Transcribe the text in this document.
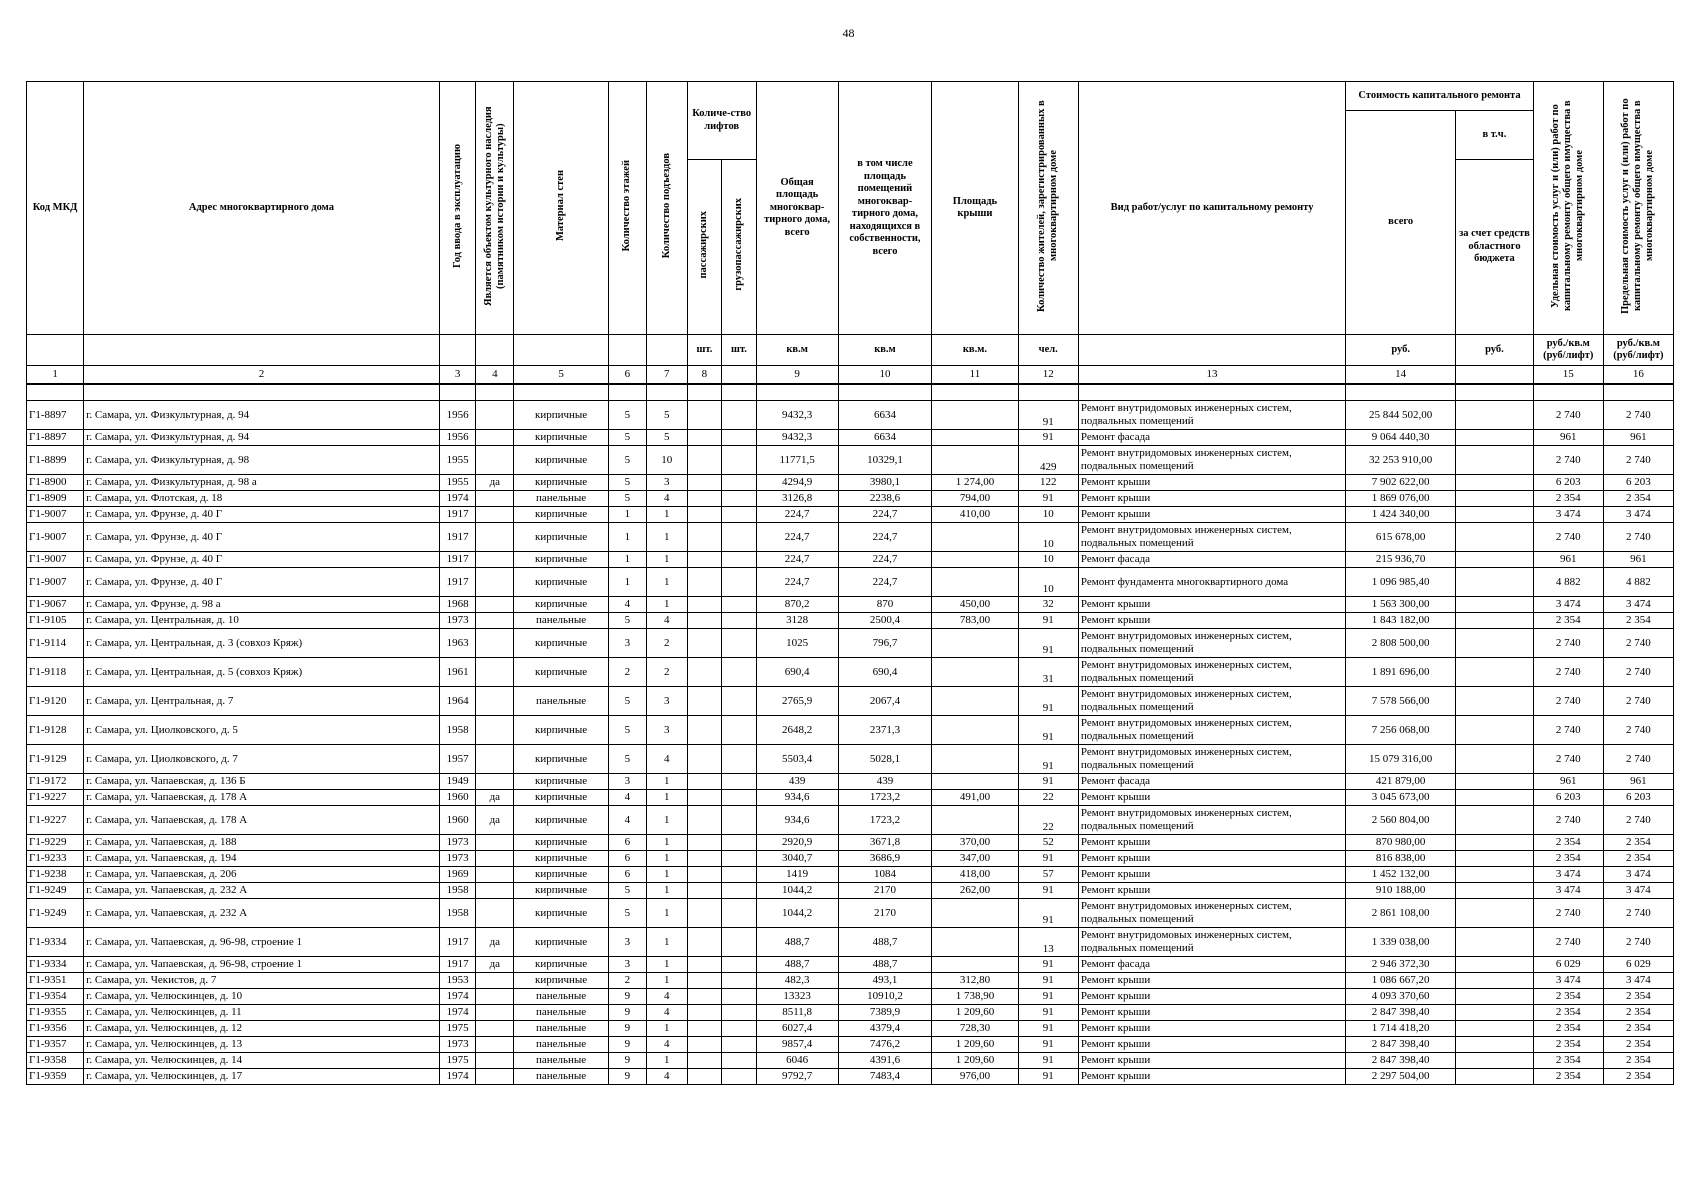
48
Код МКД	Адрес многоквартирного дома	Год ввода в эксплуатацию	Является объектом культурного наследия (памятником истории и культуры)	Материал стен	Количество этажей	Количество подъездов	Количе-ство лифтов		Общая площадь многоквар-тирного дома, всего	в том числе площадь помещений многоквар-тирного дома, находящихся в собственности, всего	Площадь крыши	Количество жителей, зарегистрированных в многоквартирном доме	Вид работ/услуг по капитальному ремонту	Стоимость капитального ремонта		Удельная стоимость услуг и (или) работ по капитальному ремонту общего имущества в многоквартирном доме	Предельная стоимость услуг и (или) работ по капитальному ремонту общего имущества в многоквартирном доме
														всего	в т.ч.		
							пассажирских	грузопассажирских							за счет средств областного бюджета		
							шт.	шт.	кв.м	кв.м	кв.м.	чел.		руб.	руб.	руб./кв.м (руб/лифт)	руб./кв.м (руб/лифт)
1	2	3	4	5	6	7	8		9	10	11	12	13	14		15	16

Г1-8897	г. Самара, ул. Физкультурная, д. 94	1956		кирпичные	5	5			9432,3	6634		91	Ремонт внутридомовых инженерных систем, подвальных помещений	25 844 502,00		2 740	2 740
Г1-8897	г. Самара, ул. Физкультурная, д. 94	1956		кирпичные	5	5			9432,3	6634		91	Ремонт фасада	9 064 440,30		961	961
Г1-8899	г. Самара, ул. Физкультурная, д. 98	1955		кирпичные	5	10			11771,5	10329,1		429	Ремонт внутридомовых инженерных систем, подвальных помещений	32 253 910,00		2 740	2 740
Г1-8900	г. Самара, ул. Физкультурная, д. 98 а	1955	да	кирпичные	5	3			4294,9	3980,1	1 274,00	122	Ремонт крыши	7 902 622,00		6 203	6 203
Г1-8909	г. Самара, ул. Флотская, д. 18	1974		панельные	5	4			3126,8	2238,6	794,00	91	Ремонт крыши	1 869 076,00		2 354	2 354
Г1-9007	г. Самара, ул. Фрунзе, д. 40 Г	1917		кирпичные	1	1			224,7	224,7	410,00	10	Ремонт крыши	1 424 340,00		3 474	3 474
Г1-9007	г. Самара, ул. Фрунзе, д. 40 Г	1917		кирпичные	1	1			224,7	224,7		10	Ремонт внутридомовых инженерных систем, подвальных помещений	615 678,00		2 740	2 740
Г1-9007	г. Самара, ул. Фрунзе, д. 40 Г	1917		кирпичные	1	1			224,7	224,7		10	Ремонт фасада	215 936,70		961	961
Г1-9007	г. Самара, ул. Фрунзе, д. 40 Г	1917		кирпичные	1	1			224,7	224,7		10	Ремонт фундамента многоквартирного дома	1 096 985,40		4 882	4 882
Г1-9067	г. Самара, ул. Фрунзе, д. 98 а	1968		кирпичные	4	1			870,2	870	450,00	32	Ремонт крыши	1 563 300,00		3 474	3 474
Г1-9105	г. Самара, ул. Центральная, д. 10	1973		панельные	5	4			3128	2500,4	783,00	91	Ремонт крыши	1 843 182,00		2 354	2 354
Г1-9114	г. Самара, ул. Центральная, д. 3 (совхоз Кряж)	1963		кирпичные	3	2			1025	796,7		91	Ремонт внутридомовых инженерных систем, подвальных помещений	2 808 500,00		2 740	2 740
Г1-9118	г. Самара, ул. Центральная, д. 5 (совхоз Кряж)	1961		кирпичные	2	2			690,4	690,4		31	Ремонт внутридомовых инженерных систем, подвальных помещений	1 891 696,00		2 740	2 740
Г1-9120	г. Самара, ул. Центральная, д. 7	1964		панельные	5	3			2765,9	2067,4		91	Ремонт внутридомовых инженерных систем, подвальных помещений	7 578 566,00		2 740	2 740
Г1-9128	г. Самара, ул. Циолковского, д. 5	1958		кирпичные	5	3			2648,2	2371,3		91	Ремонт внутридомовых инженерных систем, подвальных помещений	7 256 068,00		2 740	2 740
Г1-9129	г. Самара, ул. Циолковского, д. 7	1957		кирпичные	5	4			5503,4	5028,1		91	Ремонт внутридомовых инженерных систем, подвальных помещений	15 079 316,00		2 740	2 740
Г1-9172	г. Самара, ул. Чапаевская, д. 136 Б	1949		кирпичные	3	1			439	439		91	Ремонт фасада	421 879,00		961	961
Г1-9227	г. Самара, ул. Чапаевская, д. 178 А	1960	да	кирпичные	4	1			934,6	1723,2	491,00	22	Ремонт крыши	3 045 673,00		6 203	6 203
Г1-9227	г. Самара, ул. Чапаевская, д. 178 А	1960	да	кирпичные	4	1			934,6	1723,2		22	Ремонт внутридомовых инженерных систем, подвальных помещений	2 560 804,00		2 740	2 740
Г1-9229	г. Самара, ул. Чапаевская, д. 188	1973		кирпичные	6	1			2920,9	3671,8	370,00	52	Ремонт крыши	870 980,00		2 354	2 354
Г1-9233	г. Самара, ул. Чапаевская, д. 194	1973		кирпичные	6	1			3040,7	3686,9	347,00	91	Ремонт крыши	816 838,00		2 354	2 354
Г1-9238	г. Самара, ул. Чапаевская, д. 206	1969		кирпичные	6	1			1419	1084	418,00	57	Ремонт крыши	1 452 132,00		3 474	3 474
Г1-9249	г. Самара, ул. Чапаевская, д. 232 А	1958		кирпичные	5	1			1044,2	2170	262,00	91	Ремонт крыши	910 188,00		3 474	3 474
Г1-9249	г. Самара, ул. Чапаевская, д. 232 А	1958		кирпичные	5	1			1044,2	2170		91	Ремонт внутридомовых инженерных систем, подвальных помещений	2 861 108,00		2 740	2 740
Г1-9334	г. Самара, ул. Чапаевская, д. 96-98, строение 1	1917	да	кирпичные	3	1			488,7	488,7		13	Ремонт внутридомовых инженерных систем, подвальных помещений	1 339 038,00		2 740	2 740
Г1-9334	г. Самара, ул. Чапаевская, д. 96-98, строение 1	1917	да	кирпичные	3	1			488,7	488,7		91	Ремонт фасада	2 946 372,30		6 029	6 029
Г1-9351	г. Самара, ул. Чекистов, д. 7	1953		кирпичные	2	1			482,3	493,1	312,80	91	Ремонт крыши	1 086 667,20		3 474	3 474
Г1-9354	г. Самара, ул. Челюскинцев, д. 10	1974		панельные	9	4			13323	10910,2	1 738,90	91	Ремонт крыши	4 093 370,60		2 354	2 354
Г1-9355	г. Самара, ул. Челюскинцев, д. 11	1974		панельные	9	4			8511,8	7389,9	1 209,60	91	Ремонт крыши	2 847 398,40		2 354	2 354
Г1-9356	г. Самара, ул. Челюскинцев, д. 12	1975		панельные	9	1			6027,4	4379,4	728,30	91	Ремонт крыши	1 714 418,20		2 354	2 354
Г1-9357	г. Самара, ул. Челюскинцев, д. 13	1973		панельные	9	4			9857,4	7476,2	1 209,60	91	Ремонт крыши	2 847 398,40		2 354	2 354
Г1-9358	г. Самара, ул. Челюскинцев, д. 14	1975		панельные	9	1			6046	4391,6	1 209,60	91	Ремонт крыши	2 847 398,40		2 354	2 354
Г1-9359	г. Самара, ул. Челюскинцев, д. 17	1974		панельные	9	4			9792,7	7483,4	976,00	91	Ремонт крыши	2 297 504,00		2 354	2 354
